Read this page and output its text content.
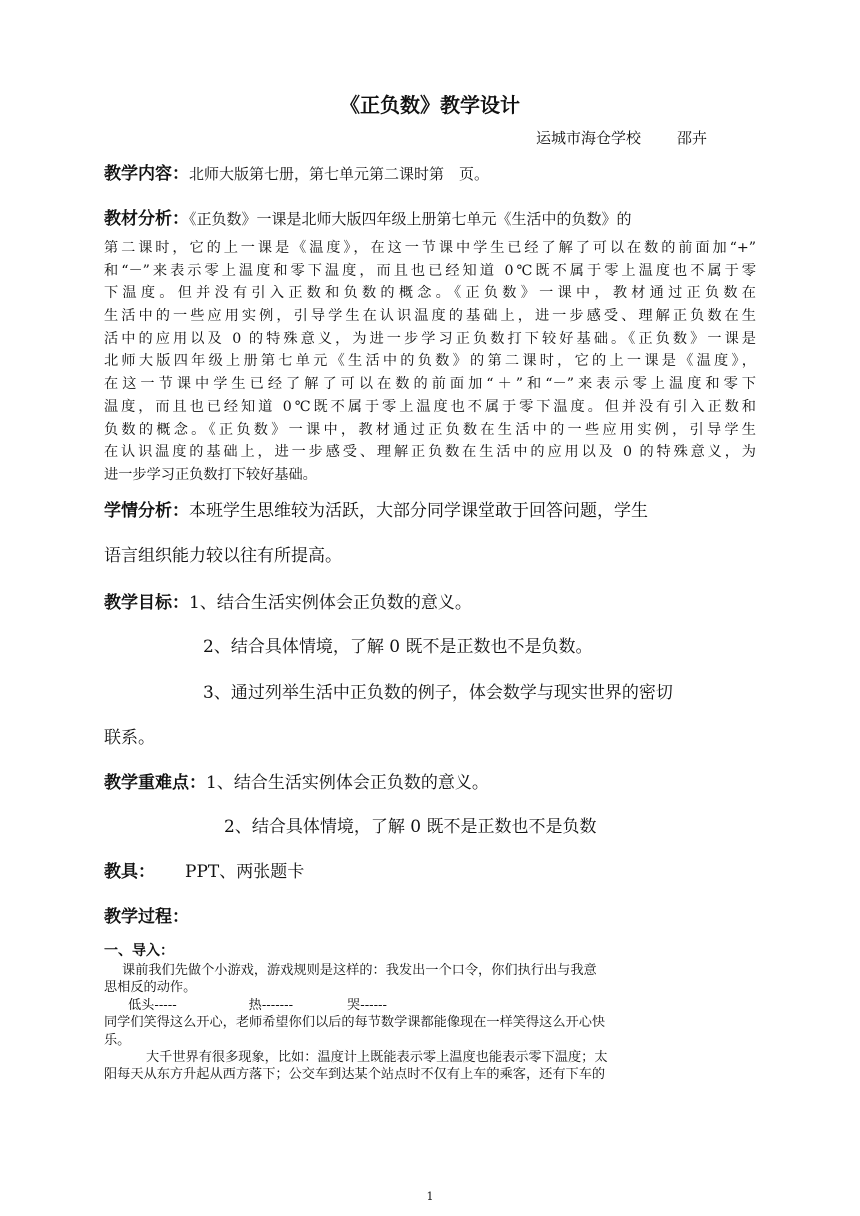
《正负数》教学设计
运城市海仓学校 邵卉
教学内容：北师大版第七册，第七单元第二课时第　页。
教材分析：《正负数》一课是北师大版四年级上册第七单元《生活中的负数》的
第二课时，它的上一课是《温度》，在这一节课中学生已经了解了可以在数的前面加“+”
和“－”来表示零上温度和零下温度，而且也已经知道 0℃既不属于零上温度也不属于零
下温度。但并没有引入正数和负数的概念。《正负数》一课中，教材通过正负数在
生活中的一些应用实例，引导学生在认识温度的基础上，进一步感受、理解正负数在生
活中的应用以及 0 的特殊意义，为进一步学习正负数打下较好基础。《正负数》一课是
北师大版四年级上册第七单元《生活中的负数》的第二课时，它的上一课是《温度》，
在这一节课中学生已经了解了可以在数的前面加“＋”和“－”来表示零上温度和零下
温度，而且也已经知道 0℃既不属于零上温度也不属于零下温度。但并没有引入正数和
负数的概念。《正负数》一课中，教材通过正负数在生活中的一些应用实例，引导学生
在认识温度的基础上，进一步感受、理解正负数在生活中的应用以及 0 的特殊意义，为
进一步学习正负数打下较好基础。
学情分析：本班学生思维较为活跃，大部分同学课堂敢于回答问题，学生
语言组织能力较以往有所提高。
教学目标：1、结合生活实例体会正负数的意义。
2、结合具体情境，了解 0 既不是正数也不是负数。
3、通过列举生活中正负数的例子，体会数学与现实世界的密切
联系。
教学重难点：1、结合生活实例体会正负数的意义。
2、结合具体情境，了解 0 既不是正数也不是负数
教具： PPT、两张题卡
教学过程：
一、导入：
课前我们先做个小游戏，游戏规则是这样的：我发出一个口令，你们执行出与我意
思相反的动作。
低头-----	热-------	哭------
同学们笑得这么开心，老师希望你们以后的每节数学课都能像现在一样笑得这么开心快
乐。
大千世界有很多现象，比如：温度计上既能表示零上温度也能表示零下温度；太
阳每天从东方升起从西方落下；公交车到达某个站点时不仅有上车的乘客，还有下车的
1
